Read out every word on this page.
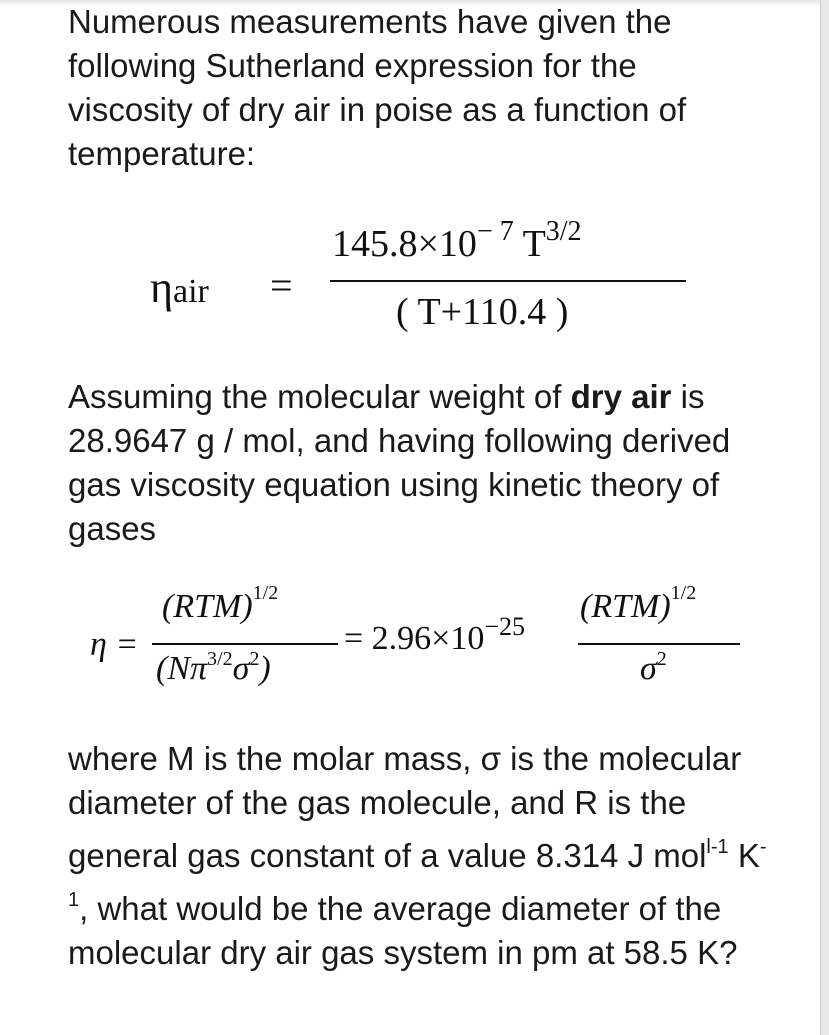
Numerous measurements have given the following Sutherland expression for the viscosity of dry air in poise as a function of temperature:
ηair =
$145.8\times 10^{- 7}$ $T^{3/2}$
( T+110.4 )
Assuming the molecular weight of dry air is 28.9647 g / mol, and having following derived gas viscosity equation using kinetic theory of gases
η =
(RTM)$^{1/2}$
$(N\pi^{3/2}\sigma^2)$
= $2.96\times 10^{-25}$
(RTM)$^{1/2}$
$\sigma^2$
where M is the molar mass, σ is the molecular diameter of the gas molecule, and R is the general gas constant of a value 8.314 J mol$^{l-1}$ $K^{-1}$, what would be the average diameter of the molecular dry air gas system in pm at 58.5 K?
